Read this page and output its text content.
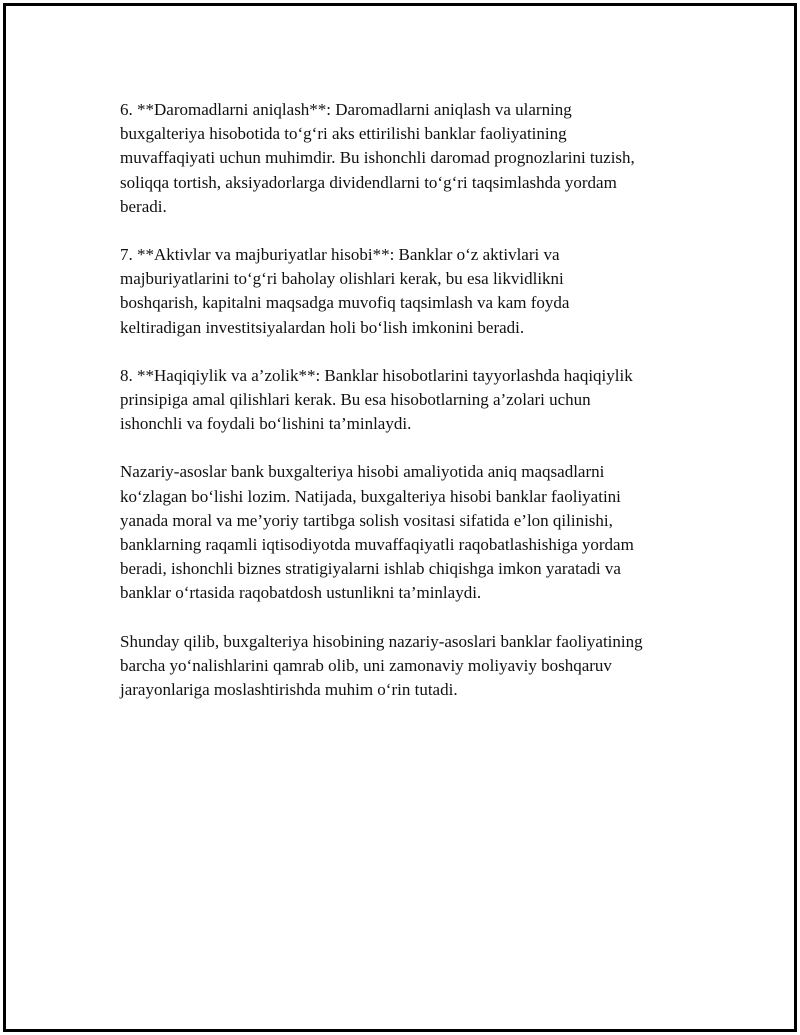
6. **Daromadlarni aniqlash**: Daromadlarni aniqlash va ularning
buxgalteriya hisobotida to‘g‘ri aks ettirilishi banklar faoliyatining
muvaffaqiyati uchun muhimdir. Bu ishonchli daromad prognozlarini tuzish,
soliqqa tortish, aksiyadorlarga dividendlarni to‘g‘ri taqsimlashda yordam
beradi.

7. **Aktivlar va majburiyatlar hisobi**: Banklar o‘z aktivlari va
majburiyatlarini to‘g‘ri baholay olishlari kerak, bu esa likvidlikni
boshqarish, kapitalni maqsadga muvofiq taqsimlash va kam foyda
keltiradigan investitsiyalardan holi bo‘lish imkonini beradi.

8. **Haqiqiylik va a’zolik**: Banklar hisobotlarini tayyorlashda haqiqiylik
prinsipiga amal qilishlari kerak. Bu esa hisobotlarning a’zolari uchun
ishonchli va foydali bo‘lishini ta’minlaydi.

Nazariy-asoslar bank buxgalteriya hisobi amaliyotida aniq maqsadlarni
ko‘zlagan bo‘lishi lozim. Natijada, buxgalteriya hisobi banklar faoliyatini
yanada moral va me’yoriy tartibga solish vositasi sifatida e’lon qilinishi,
banklarning raqamli iqtisodiyotda muvaffaqiyatli raqobatlashishiga yordam
beradi, ishonchli biznes stratigiyalarni ishlab chiqishga imkon yaratadi va
banklar o‘rtasida raqobatdosh ustunlikni ta’minlaydi.

Shunday qilib, buxgalteriya hisobining nazariy-asoslari banklar faoliyatining
barcha yo‘nalishlarini qamrab olib, uni zamonaviy moliyaviy boshqaruv
jarayonlariga moslashtirishda muhim o‘rin tutadi.
